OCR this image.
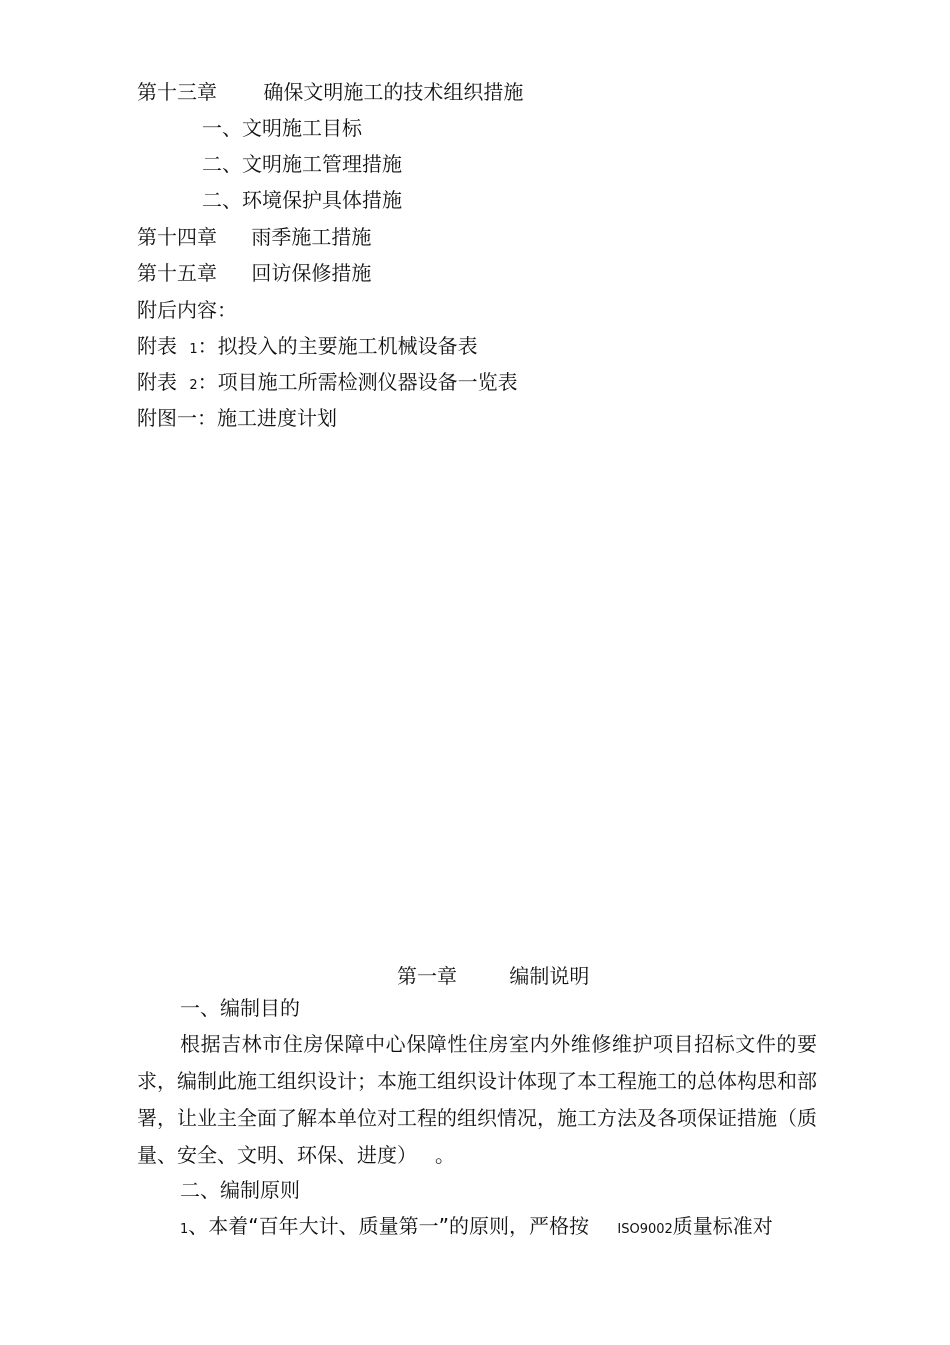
第十三章 确保文明施工的技术组织措施
一、文明施工目标
二、文明施工管理措施
二、环境保护具体措施
第十四章 雨季施工措施
第十五章 回访保修措施
附后内容：
附表 1：拟投入的主要施工机械设备表
附表 2：项目施工所需检测仪器设备一览表
附图一：施工进度计划
第一章	编制说明
一、编制目的
根据吉林市住房保障中心保障性住房室内外维修维护项目招标文件的要求，编制此施工组织设计；本施工组织设计体现了本工程施工的总体构思和部署，让业主全面了解本单位对工程的组织情况，施工方法及各项保证措施（质量、安全、文明、环保、进度） 。
二、编制原则
1、本着“百年大计、质量第一”的原则，严格按 ISO9002质量标准对
